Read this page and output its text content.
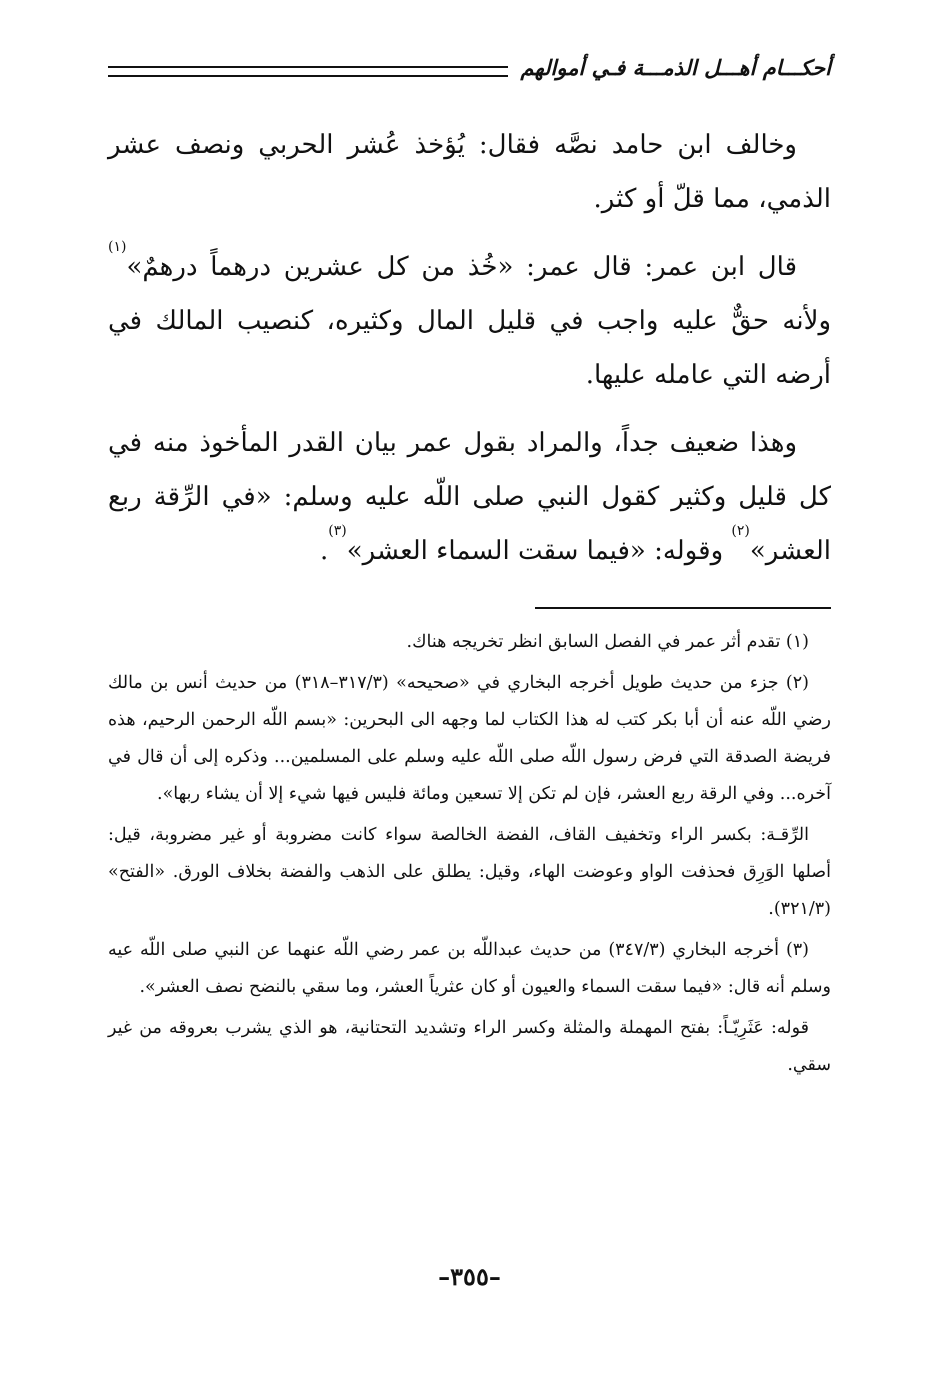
أحكـــام أهـــل الذمـــة فـي أموالهم

وخالف ابن حامد نصَّه فقال: يُؤخذ عُشر الحربي ونصف عشر الذمي، مما قلّ أو كثر.

قال ابن عمر: قال عمر: «خُذ من كل عشرين درهماً درهمٌ»$^{(١)}$ ولأنه حقٌّ عليه واجب في قليل المال وكثيره، كنصيب المالك في أرضه التي عامله عليها.

وهذا ضعيف جداً، والمراد بقول عمر بيان القدر المأخوذ منه في كل قليل وكثير كقول النبي صلى اللّه عليه وسلم: «في الرِّقة ربع العشر»$^{(٢)}$ وقوله: «فيما سقت السماء العشر»$^{(٣)}$.

(١) تقدم أثر عمر في الفصل السابق انظر تخريجه هناك.

(٢) جزء من حديث طويل أخرجه البخاري في «صحيحه» (٣١٧/٣–٣١٨) من حديث أنس بن مالك رضي اللّه عنه أن أبا بكر كتب له هذا الكتاب لما وجهه الى البحرين: «بسم اللّه الرحمن الرحيم، هذه فريضة الصدقة التي فرض رسول اللّه صلى اللّه عليه وسلم على المسلمين... وذكره إلى أن قال في آخره... وفي الرقة ربع العشر، فإن لم تكن إلا تسعين ومائة فليس فيها شيء إلا أن يشاء ربها».

الرِّقـة: بكسر الراء وتخفيف القاف، الفضة الخالصة سواء كانت مضروبة أو غير مضروبة، قيل: أصلها الوَرِق فحذفت الواو وعوضت الهاء، وقيل: يطلق على الذهب والفضة بخلاف الورق. «الفتح» (٣٢١/٣).

(٣) أخرجه البخاري (٣٤٧/٣) من حديث عبداللّه بن عمر رضي اللّه عنهما عن النبي صلى اللّه عيه وسلم أنه قال: «فيما سقت السماء والعيون أو كان عثرياً العشر، وما سقي بالنضح نصف العشر».

قوله: عَثَرِيّـاً: بفتح المهملة والمثلة وكسر الراء وتشديد التحتانية، هو الذي يشرب بعروقه من غير سقي.

–٣٥٥–
